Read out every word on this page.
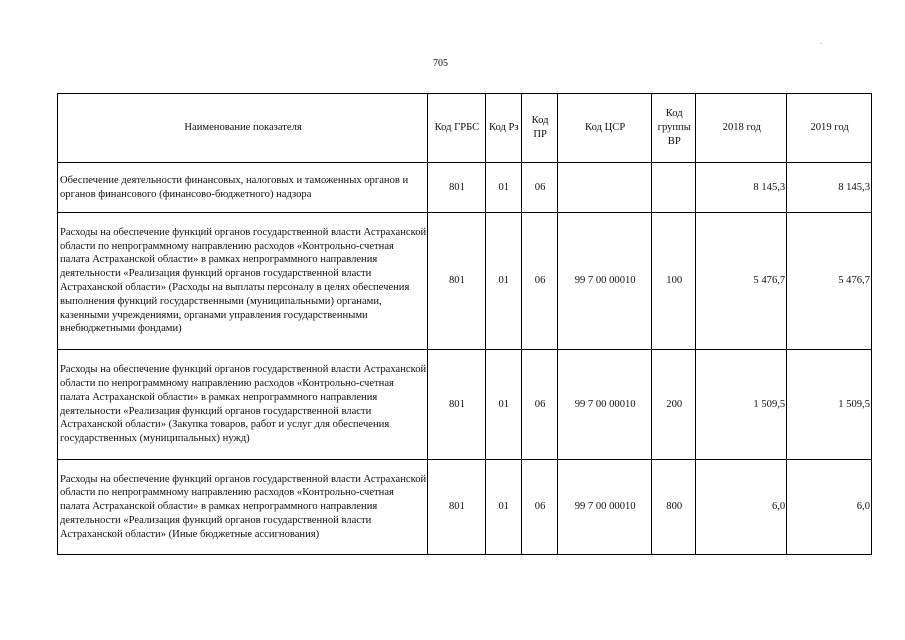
705
Наименование показателя	Код ГРБС	Код Рз	Код ПР	Код ЦСР	Код группы ВР	2018 год	2019 год
Обеспечение деятельности финансовых, налоговых и таможенных органов и органов финансового (финансово-бюджетного) надзора	801	01	06			8 145,3	8 145,3
Расходы на обеспечение функций органов государственной власти Астраханской области по непрограммному направлению расходов «Контрольно-счетная палата Астраханской области» в рамках непрограммного направления деятельности «Реализация функций органов государственной власти Астраханской области» (Расходы на выплаты персоналу в целях обеспечения выполнения функций государственными (муниципальными) органами, казенными учреждениями, органами управления государственными внебюджетными фондами)	801	01	06	99 7 00 00010	100	5 476,7	5 476,7
Расходы на обеспечение функций органов государственной власти Астраханской области по непрограммному направлению расходов «Контрольно-счетная палата Астраханской области» в рамках непрограммного направления деятельности «Реализация функций органов государственной власти Астраханской области» (Закупка товаров, работ и услуг для обеспечения государственных (муниципальных) нужд)	801	01	06	99 7 00 00010	200	1 509,5	1 509,5
Расходы на обеспечение функций органов государственной власти Астраханской области по непрограммному направлению расходов «Контрольно-счетная палата Астраханской области» в рамках непрограммного направления деятельности «Реализация функций органов государственной власти Астраханской области» (Иные бюджетные ассигнования)	801	01	06	99 7 00 00010	800	6,0	6,0
